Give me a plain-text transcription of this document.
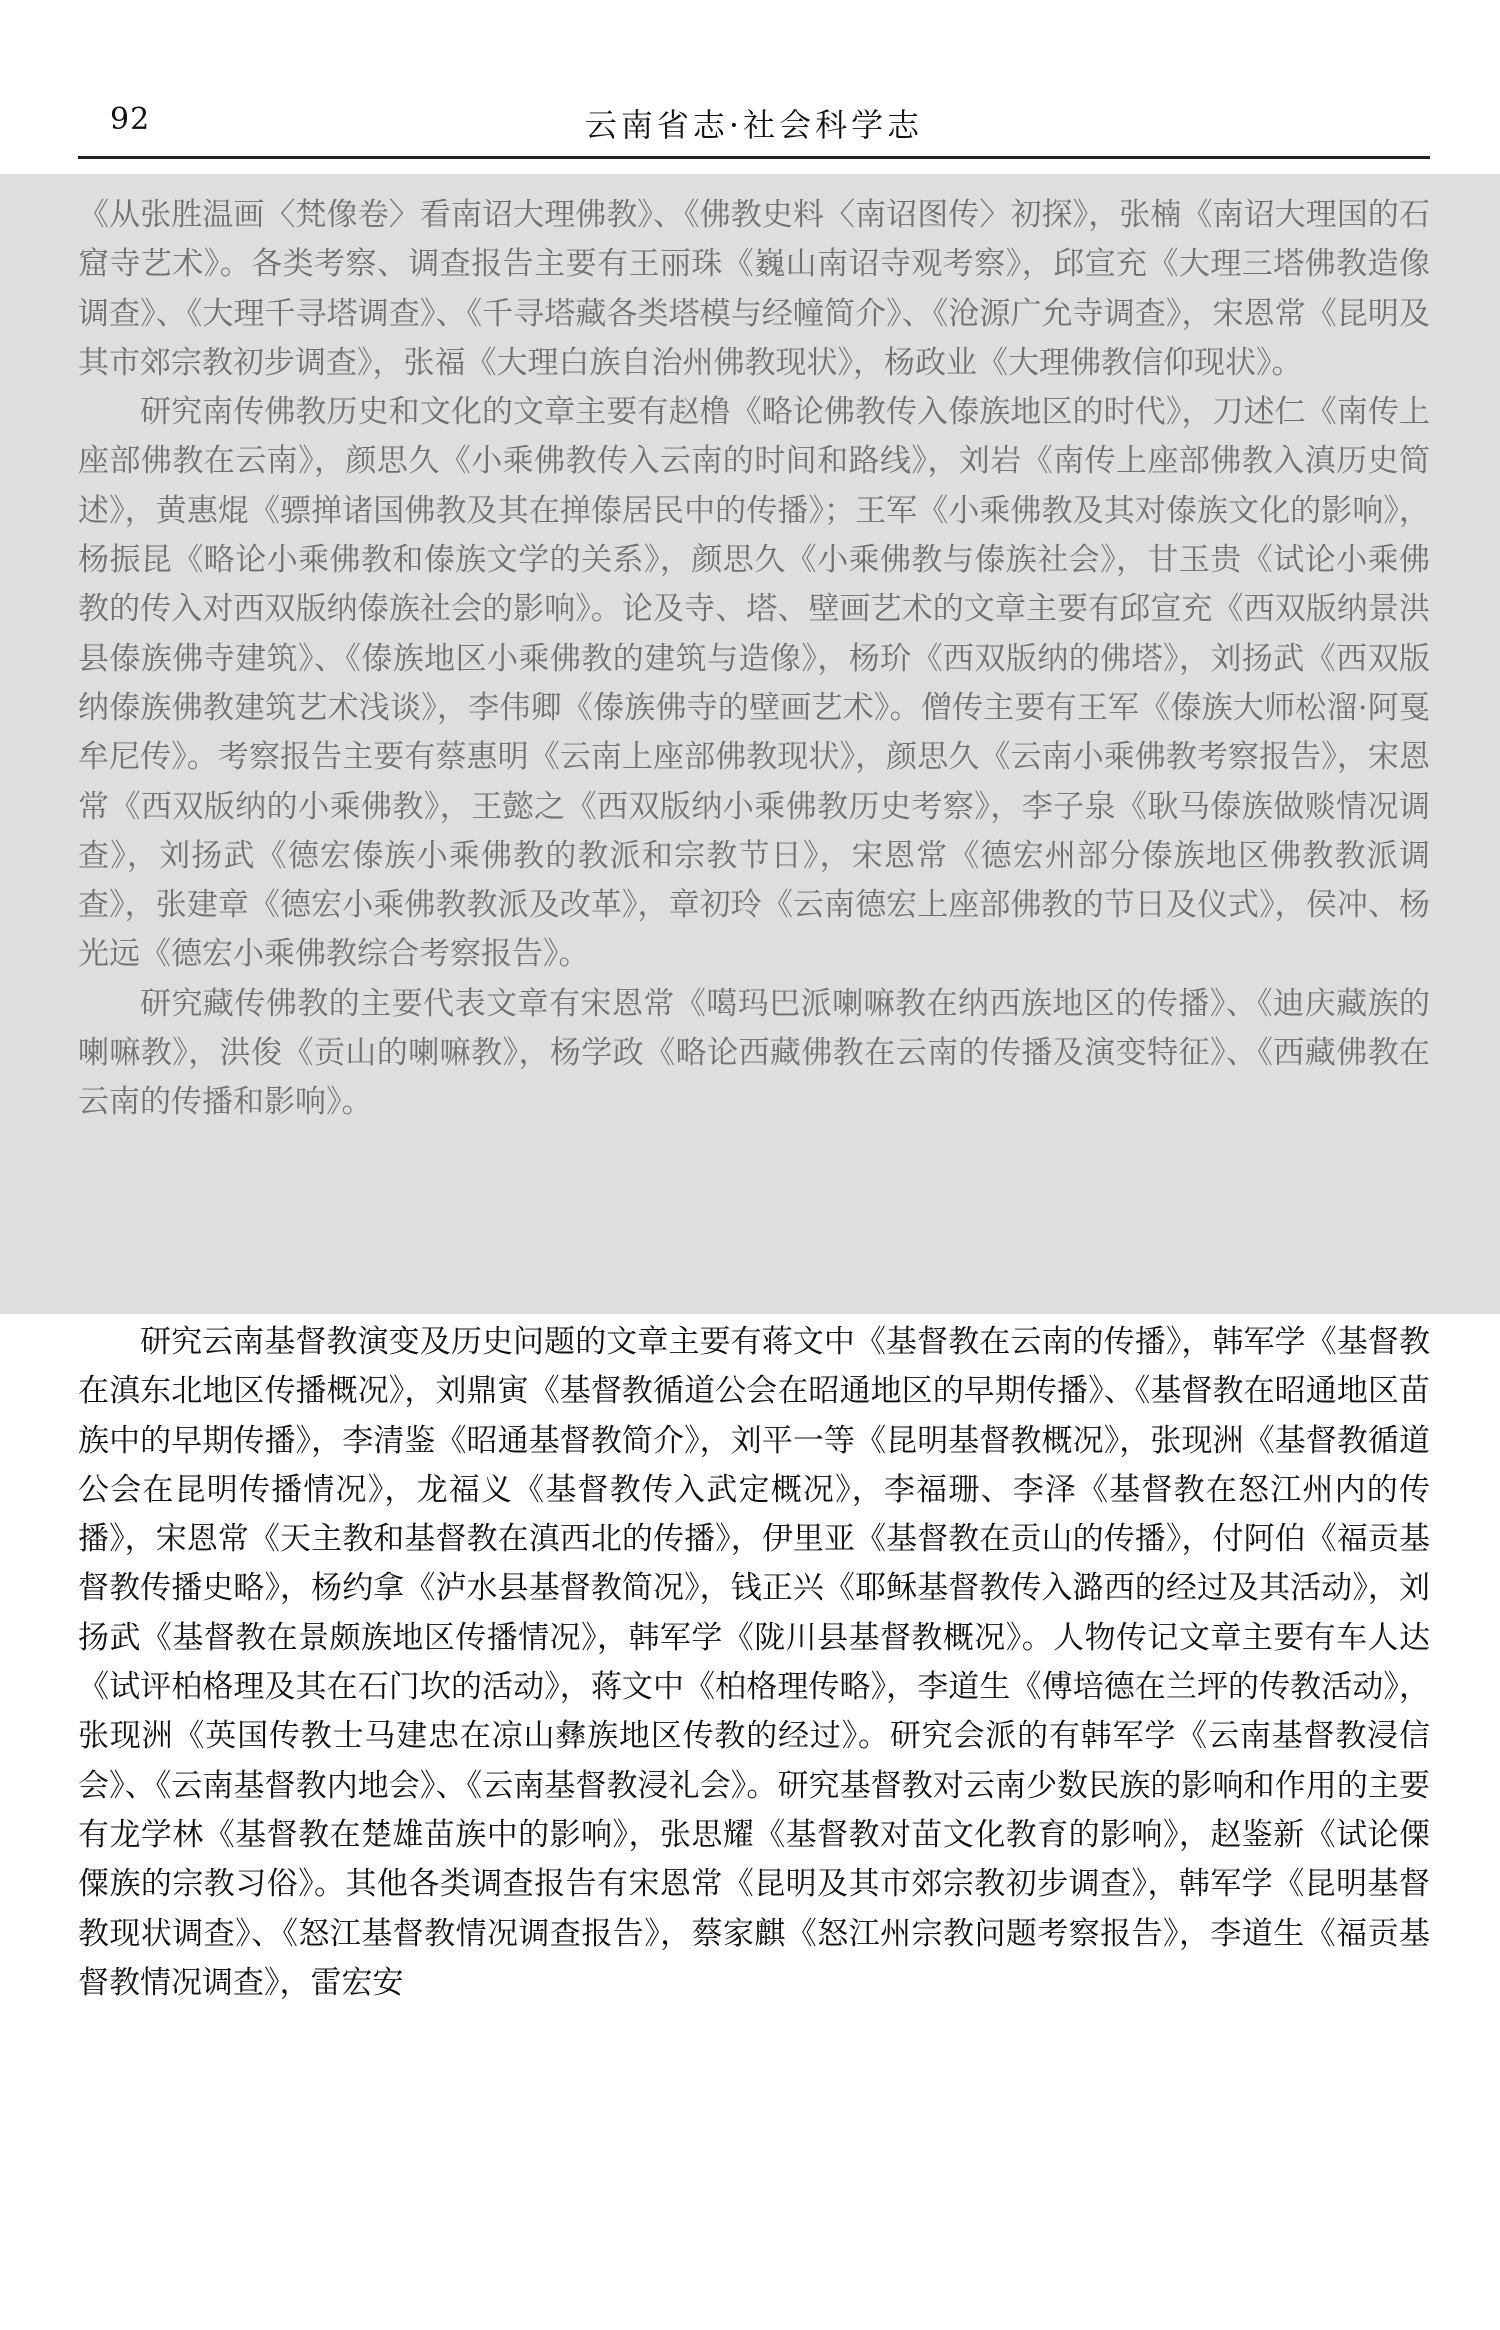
92	云南省志·社会科学志

《从张胜温画〈梵像卷〉看南诏大理佛教》、《佛教史料〈南诏图传〉初探》，张楠《南诏大理国的石窟寺艺术》。各类考察、调查报告主要有王丽珠《巍山南诏寺观考察》，邱宣充《大理三塔佛教造像调查》、《大理千寻塔调查》、《千寻塔藏各类塔模与经幢简介》、《沧源广允寺调查》，宋恩常《昆明及其市郊宗教初步调查》，张福《大理白族自治州佛教现状》，杨政业《大理佛教信仰现状》。

研究南传佛教历史和文化的文章主要有赵橹《略论佛教传入傣族地区的时代》，刀述仁《南传上座部佛教在云南》，颜思久《小乘佛教传入云南的时间和路线》，刘岩《南传上座部佛教入滇历史简述》，黄惠焜《骠掸诸国佛教及其在掸傣居民中的传播》；王军《小乘佛教及其对傣族文化的影响》，杨振昆《略论小乘佛教和傣族文学的关系》，颜思久《小乘佛教与傣族社会》，甘玉贵《试论小乘佛教的传入对西双版纳傣族社会的影响》。论及寺、塔、壁画艺术的文章主要有邱宣充《西双版纳景洪县傣族佛寺建筑》、《傣族地区小乘佛教的建筑与造像》，杨玠《西双版纳的佛塔》，刘扬武《西双版纳傣族佛教建筑艺术浅谈》，李伟卿《傣族佛寺的壁画艺术》。僧传主要有王军《傣族大师松溜·阿戛牟尼传》。考察报告主要有蔡惠明《云南上座部佛教现状》，颜思久《云南小乘佛教考察报告》，宋恩常《西双版纳的小乘佛教》，王懿之《西双版纳小乘佛教历史考察》，李子泉《耿马傣族做赕情况调查》，刘扬武《德宏傣族小乘佛教的教派和宗教节日》，宋恩常《德宏州部分傣族地区佛教教派调查》，张建章《德宏小乘佛教教派及改革》，章初玲《云南德宏上座部佛教的节日及仪式》，侯冲、杨光远《德宏小乘佛教综合考察报告》。

研究藏传佛教的主要代表文章有宋恩常《噶玛巴派喇嘛教在纳西族地区的传播》、《迪庆藏族的喇嘛教》，洪俊《贡山的喇嘛教》，杨学政《略论西藏佛教在云南的传播及演变特征》、《西藏佛教在云南的传播和影响》。

研究云南基督教演变及历史问题的文章主要有蒋文中《基督教在云南的传播》，韩军学《基督教在滇东北地区传播概况》，刘鼎寅《基督教循道公会在昭通地区的早期传播》、《基督教在昭通地区苗族中的早期传播》，李清鉴《昭通基督教简介》，刘平一等《昆明基督教概况》，张现洲《基督教循道公会在昆明传播情况》，龙福义《基督教传入武定概况》，李福珊、李泽《基督教在怒江州内的传播》，宋恩常《天主教和基督教在滇西北的传播》，伊里亚《基督教在贡山的传播》，付阿伯《福贡基督教传播史略》，杨约拿《泸水县基督教简况》，钱正兴《耶稣基督教传入潞西的经过及其活动》，刘扬武《基督教在景颇族地区传播情况》，韩军学《陇川县基督教概况》。人物传记文章主要有车人达《试评柏格理及其在石门坎的活动》，蒋文中《柏格理传略》，李道生《傅培德在兰坪的传教活动》，张现洲《英国传教士马建忠在凉山彝族地区传教的经过》。研究会派的有韩军学《云南基督教浸信会》、《云南基督教内地会》、《云南基督教浸礼会》。研究基督教对云南少数民族的影响和作用的主要有龙学林《基督教在楚雄苗族中的影响》，张思耀《基督教对苗文化教育的影响》，赵鉴新《试论傈僳族的宗教习俗》。其他各类调查报告有宋恩常《昆明及其市郊宗教初步调查》，韩军学《昆明基督教现状调查》、《怒江基督教情况调查报告》，蔡家麒《怒江州宗教问题考察报告》，李道生《福贡基督教情况调查》，雷宏安
